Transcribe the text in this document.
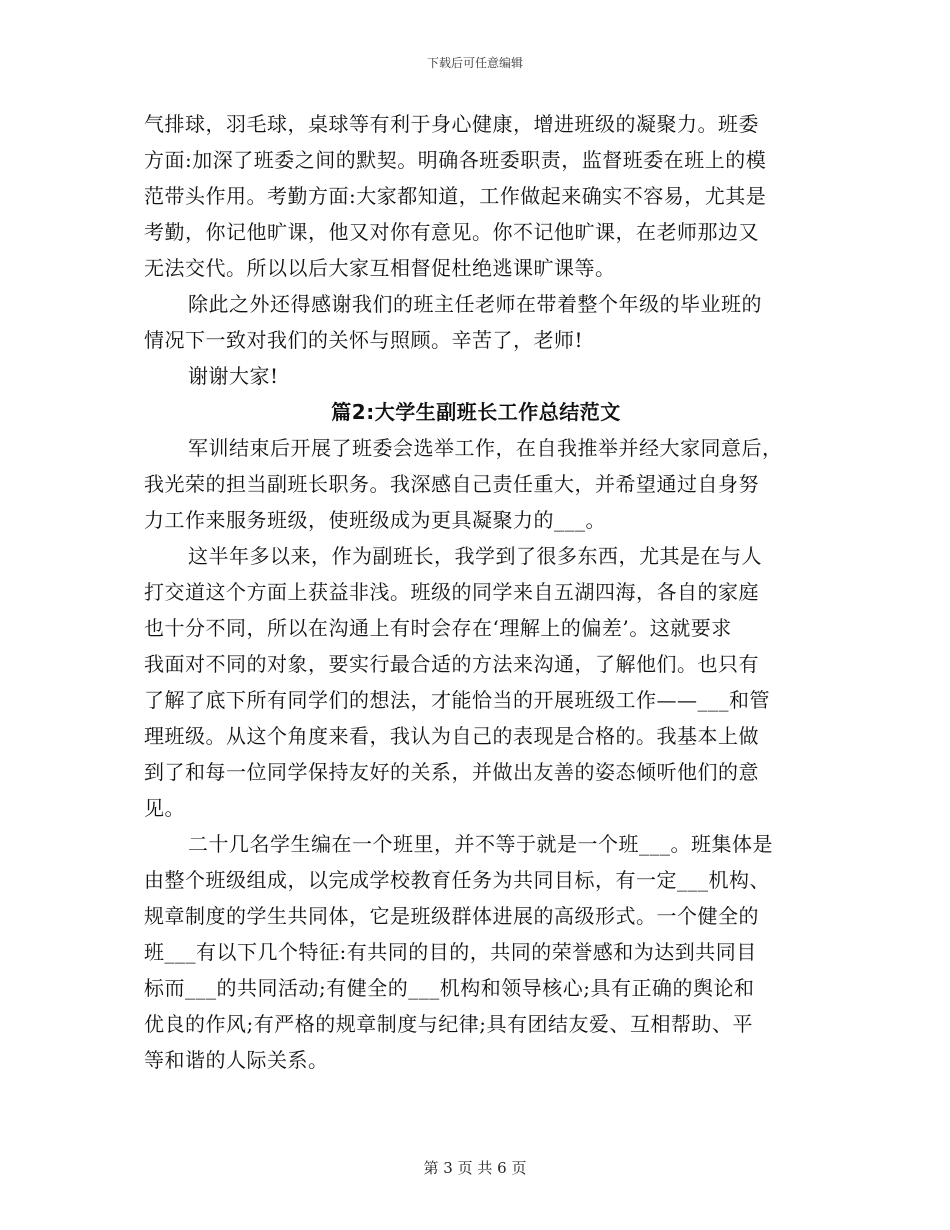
下载后可任意编辑
气排球，羽毛球，桌球等有利于身心健康，增进班级的凝聚力。班委
方面:加深了班委之间的默契。明确各班委职责，监督班委在班上的模
范带头作用。考勤方面:大家都知道，工作做起来确实不容易，尤其是
考勤，你记他旷课，他又对你有意见。你不记他旷课，在老师那边又
无法交代。所以以后大家互相督促杜绝逃课旷课等。
除此之外还得感谢我们的班主任老师在带着整个年级的毕业班的
情况下一致对我们的关怀与照顾。辛苦了，老师!
谢谢大家!
篇2:大学生副班长工作总结范文
军训结束后开展了班委会选举工作，在自我推举并经大家同意后，
我光荣的担当副班长职务。我深感自己责任重大，并希望通过自身努
力工作来服务班级，使班级成为更具凝聚力的___。
这半年多以来，作为副班长，我学到了很多东西，尤其是在与人
打交道这个方面上获益非浅。班级的同学来自五湖四海，各自的家庭
也十分不同，所以在沟通上有时会存在‘理解上的偏差’。这就要求
我面对不同的对象，要实行最合适的方法来沟通，了解他们。也只有
了解了底下所有同学们的想法，才能恰当的开展班级工作——___和管
理班级。从这个角度来看，我认为自己的表现是合格的。我基本上做
到了和每一位同学保持友好的关系，并做出友善的姿态倾听他们的意
见。
二十几名学生编在一个班里，并不等于就是一个班___。班集体是
由整个班级组成，以完成学校教育任务为共同目标，有一定___机构、
规章制度的学生共同体，它是班级群体进展的高级形式。一个健全的
班___有以下几个特征:有共同的目的，共同的荣誉感和为达到共同目
标而___的共同活动;有健全的___机构和领导核心;具有正确的舆论和
优良的作风;有严格的规章制度与纪律;具有团结友爱、互相帮助、平
等和谐的人际关系。
第 3 页 共 6 页
